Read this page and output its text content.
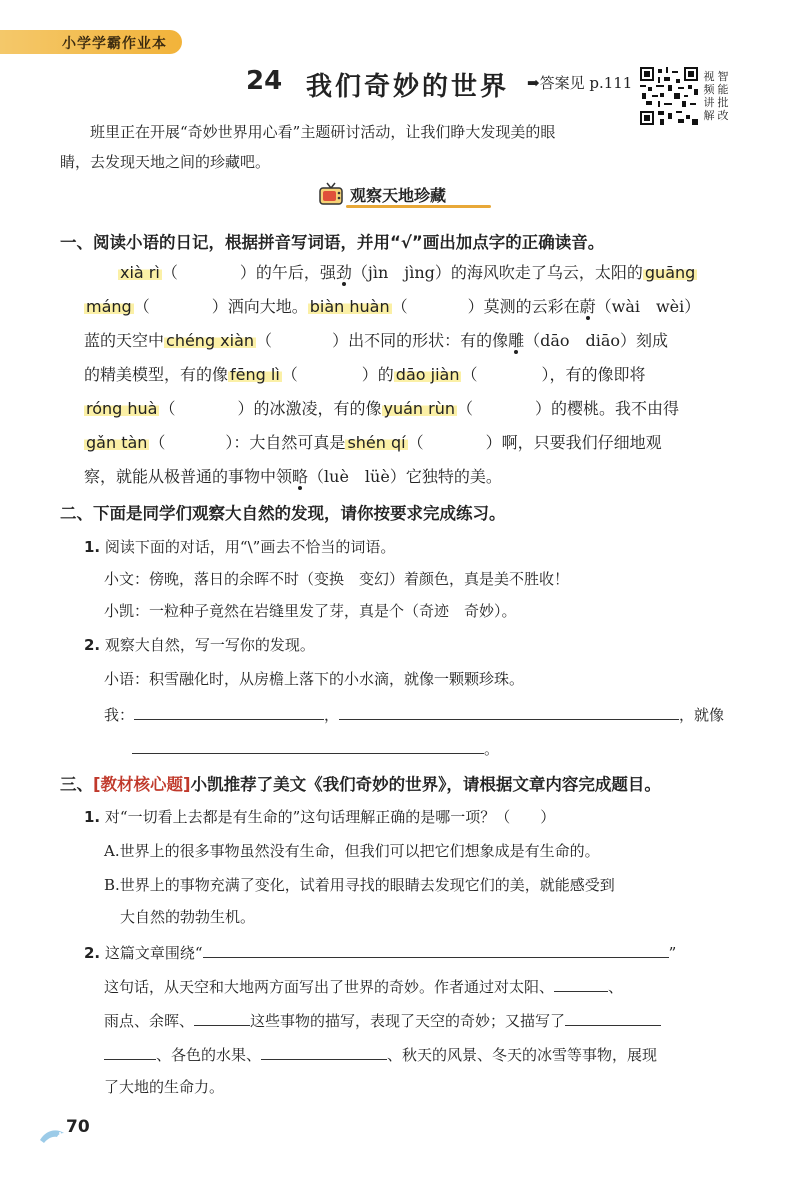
小学学霸作业本
24 我们奇妙的世界 ➡答案见 p.111	视频讲解
智能批改
班里正在开展“奇妙世界用心看”主题研讨活动，让我们睁大发现美的眼
睛，去发现天地之间的珍藏吧。
观察天地珍藏
一、阅读小语的日记，根据拼音写词语，并用“√”画出加点字的正确读音。
xià rì （	）的午后，强劲（jìn　jìng）的海风吹走了乌云，太阳的 guāng
máng （	）洒向大地。 biàn huàn （	）莫测的云彩在蔚（wài　wèi）
蓝的天空中 chéng xiàn （	）出不同的形状：有的像雕（dāo　diāo）刻成
的精美模型，有的像 fēng lì （	）的 dāo jiàn （	），有的像即将
róng huà （	）的冰激凌，有的像 yuán rùn （	）的樱桃。我不由得
gǎn tàn （	）：大自然可真是 shén qí （	）啊，只要我们仔细地观
察，就能从极普通的事物中领略（luè　lüè）它独特的美。
二、下面是同学们观察大自然的发现，请你按要求完成练习。
1. 阅读下面的对话，用“\”画去不恰当的词语。
小文：傍晚，落日的余晖不时（变换　变幻）着颜色，真是美不胜收！
小凯：一粒种子竟然在岩缝里发了芽，真是个（奇迹　奇妙）。
2. 观察大自然，写一写你的发现。
小语：积雪融化时，从房檐上落下的小水滴，就像一颗颗珍珠。
我：	，	，就像
。
三、[教材核心题]小凯推荐了美文《我们奇妙的世界》，请根据文章内容完成题目。
1. 对“一切看上去都是有生命的”这句话理解正确的是哪一项？（　　）
A.世界上的很多事物虽然没有生命，但我们可以把它们想象成是有生命的。
B.世界上的事物充满了变化，试着用寻找的眼睛去发现它们的美，就能感受到
大自然的勃勃生机。
2. 这篇文章围绕“	”
这句话，从天空和大地两方面写出了世界的奇妙。作者通过对太阳、	、
雨点、余晖、	这些事物的描写，表现了天空的奇妙；又描写了
、各色的水果、	、秋天的风景、冬天的冰雪等事物，展现
了大地的生命力。
70
